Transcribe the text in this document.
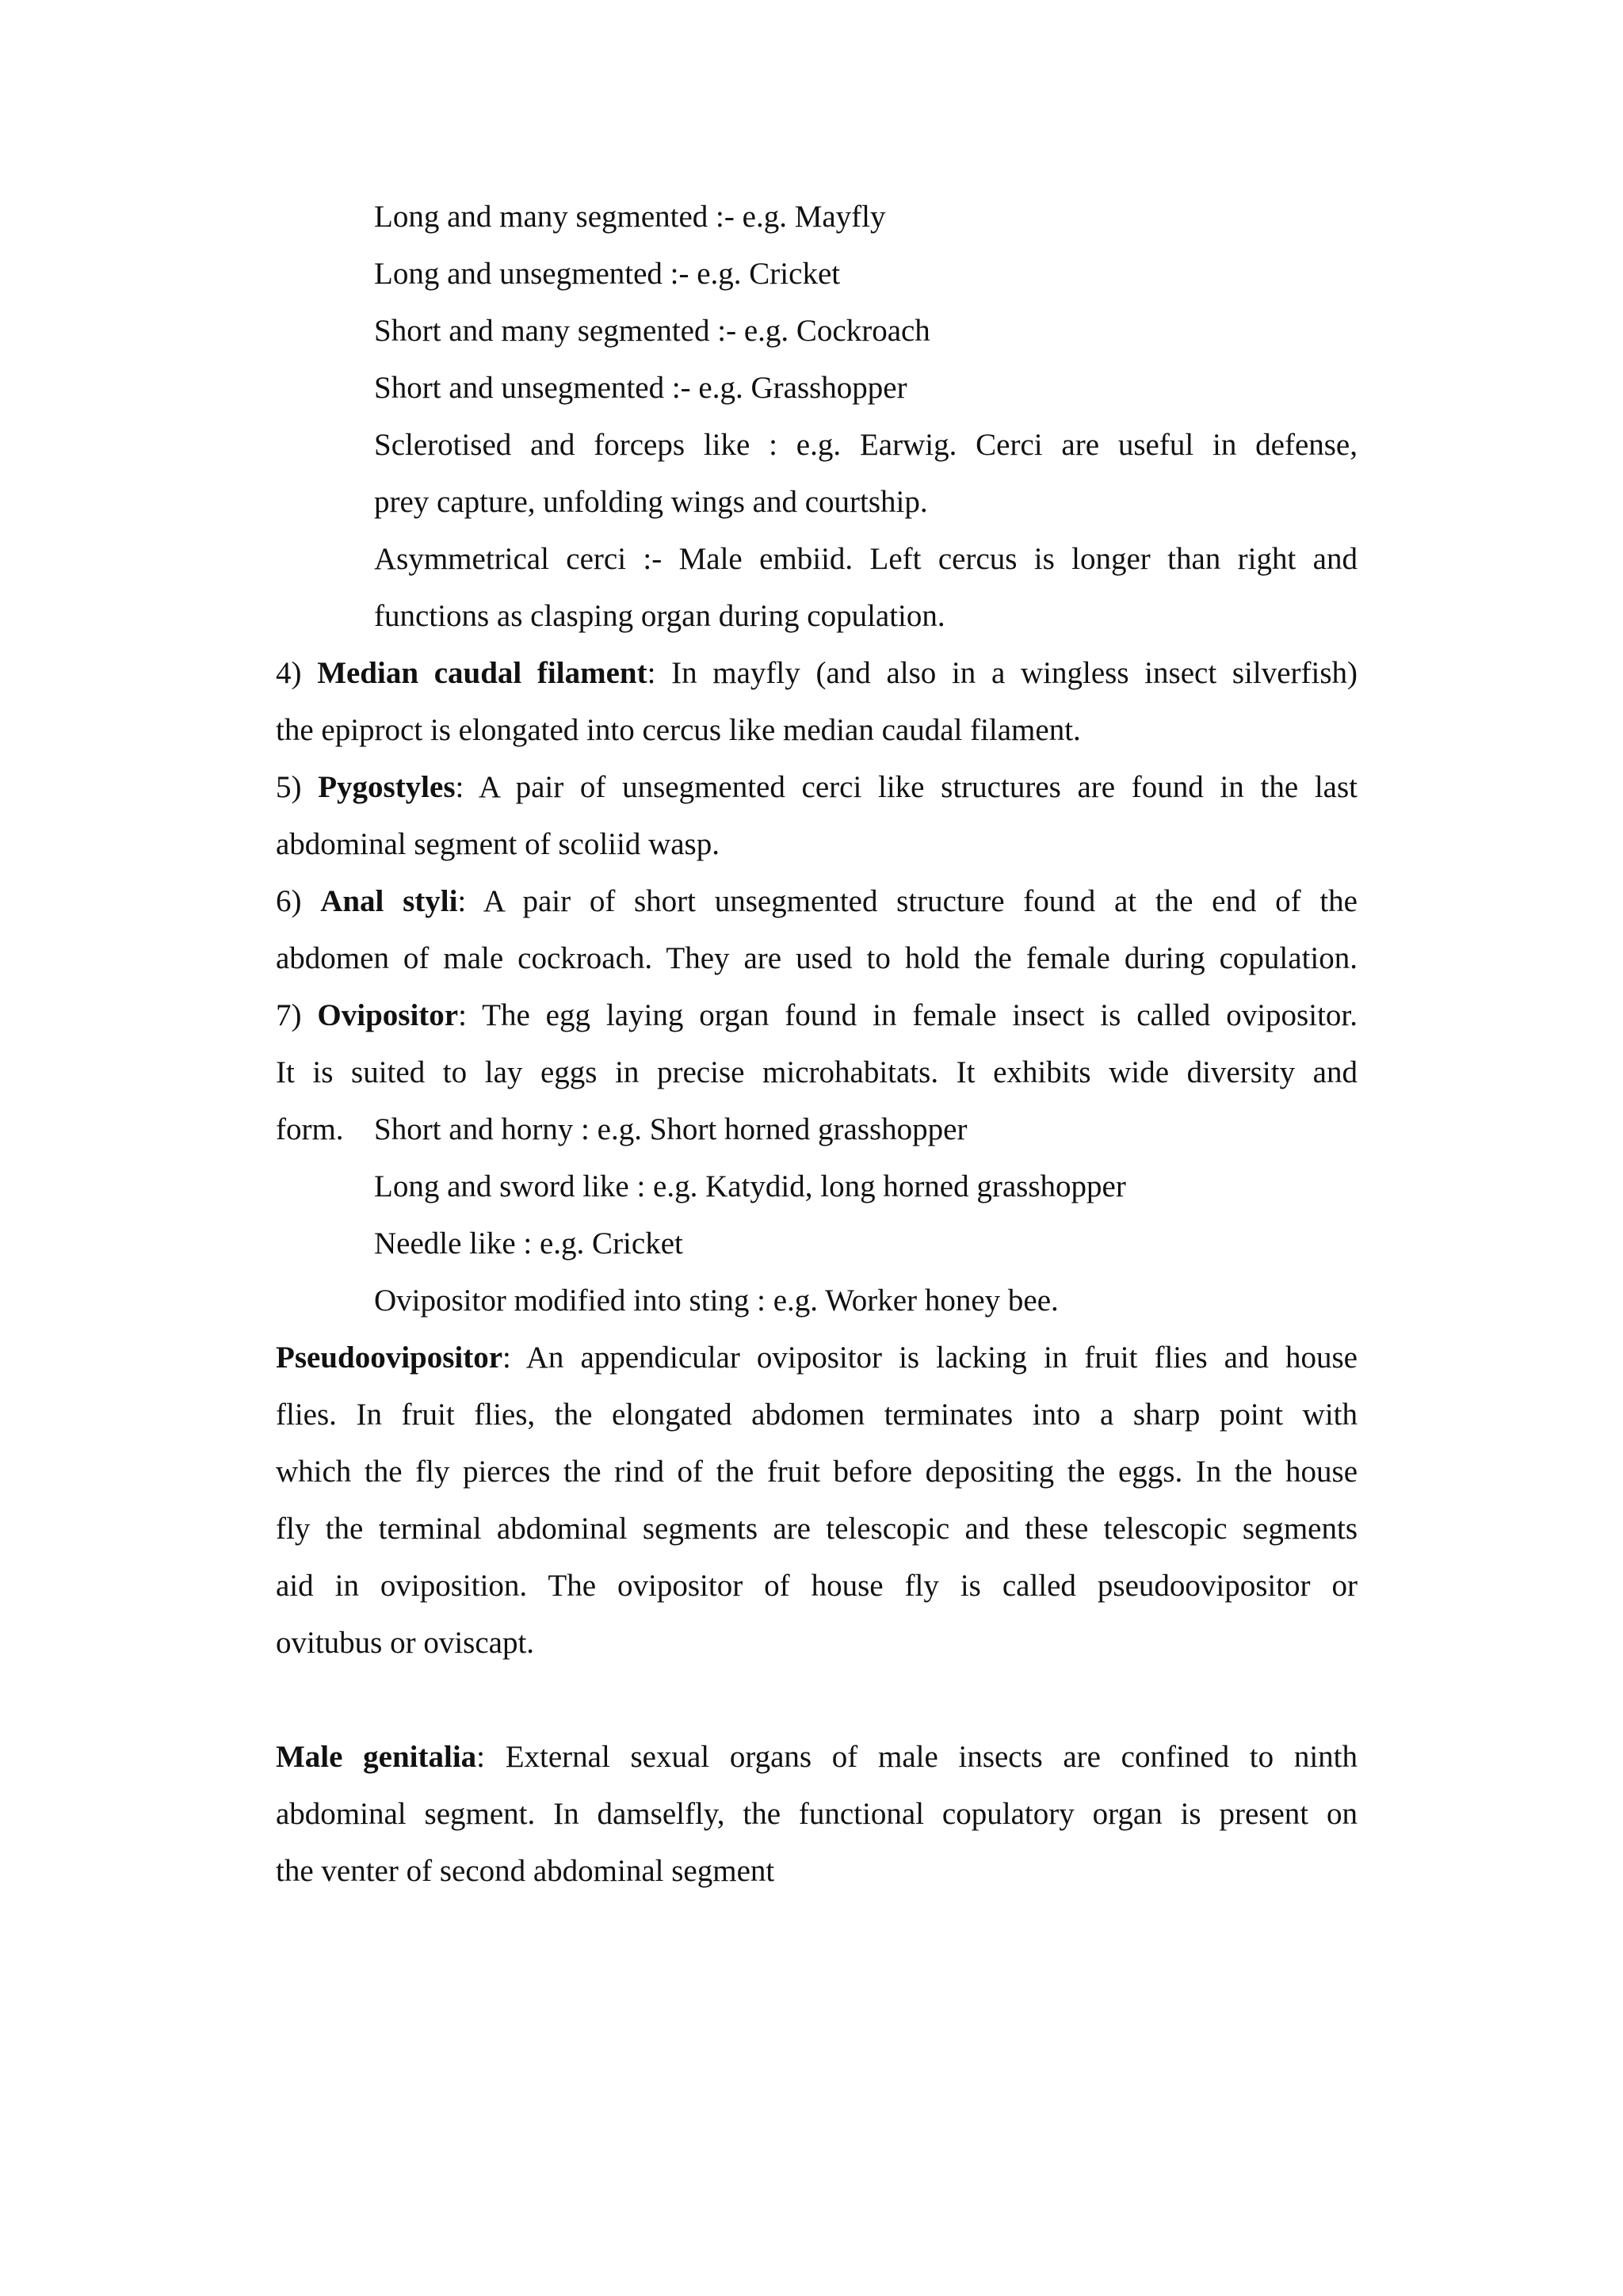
Long and many segmented :- e.g. Mayfly
Long and unsegmented :- e.g. Cricket
Short and many segmented :- e.g. Cockroach
Short and unsegmented :- e.g. Grasshopper
Sclerotised and forceps like : e.g. Earwig. Cerci are useful in defense,
prey capture, unfolding wings and courtship.
Asymmetrical cerci :- Male embiid. Left cercus is longer than right and
functions as clasping organ during copulation.
4) Median caudal filament: In mayfly (and also in a wingless insect silverfish)
the epiproct is elongated into cercus like median caudal filament.
5) Pygostyles: A pair of unsegmented cerci like structures are found in the last
abdominal segment of scoliid wasp.
6) Anal styli: A pair of short unsegmented structure found at the end of the
abdomen of male cockroach. They are used to hold the female during copulation.
7) Ovipositor: The egg laying organ found in female insect is called ovipositor.
It is suited to lay eggs in precise microhabitats. It exhibits wide diversity and
form. Short and horny : e.g. Short horned grasshopper
Long and sword like : e.g. Katydid, long horned grasshopper
Needle like : e.g. Cricket
Ovipositor modified into sting : e.g. Worker honey bee.
Pseudoovipositor: An appendicular ovipositor is lacking in fruit flies and house
flies. In fruit flies, the elongated abdomen terminates into a sharp point with
which the fly pierces the rind of the fruit before depositing the eggs. In the house
fly the terminal abdominal segments are telescopic and these telescopic segments
aid in oviposition. The ovipositor of house fly is called pseudoovipositor or
ovitubus or oviscapt.
Male genitalia: External sexual organs of male insects are confined to ninth
abdominal segment. In damselfly, the functional copulatory organ is present on
the venter of second abdominal segment
